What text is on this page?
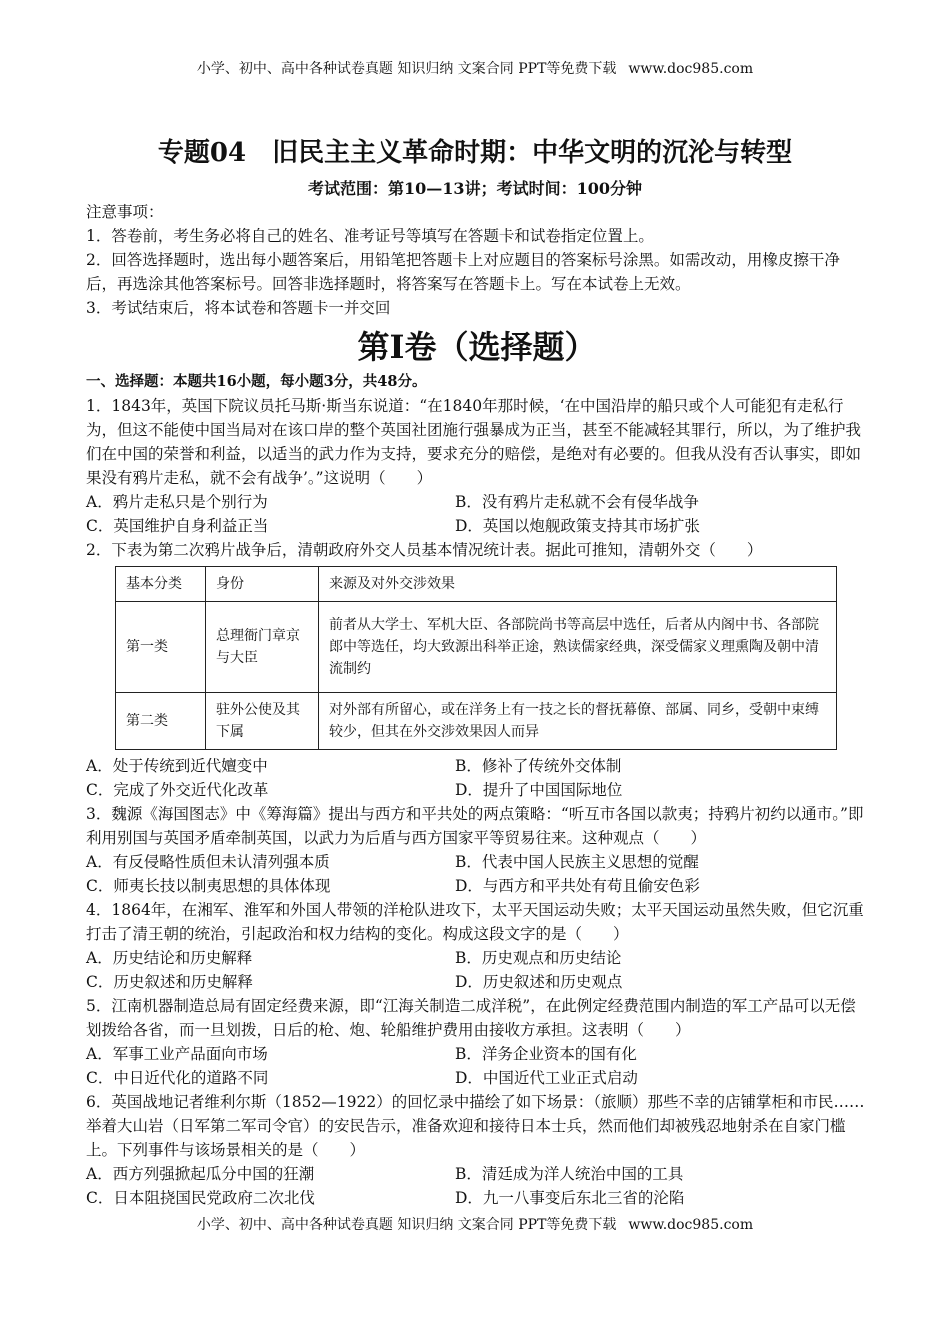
小学、初中、高中各种试卷真题 知识归纳 文案合同 PPT等免费下载 www.doc985.com
专题04　旧民主主义革命时期：中华文明的沉沦与转型
考试范围：第10—13讲；考试时间：100分钟
注意事项：
1．答卷前，考生务必将自己的姓名、准考证号等填写在答题卡和试卷指定位置上。
2．回答选择题时，选出每小题答案后，用铅笔把答题卡上对应题目的答案标号涂黑。如需改动，用橡皮擦干净后，再选涂其他答案标号。回答非选择题时，将答案写在答题卡上。写在本试卷上无效。
3．考试结束后，将本试卷和答题卡一并交回
第I卷（选择题）
一、选择题：本题共16小题，每小题3分，共48分。
1．1843年，英国下院议员托马斯·斯当东说道：“在1840年那时候，‘在中国沿岸的船只或个人可能犯有走私行为，但这不能使中国当局对在该口岸的整个英国社团施行强暴成为正当，甚至不能减轻其罪行，所以，为了维护我们在中国的荣誉和利益，以适当的武力作为支持，要求充分的赔偿，是绝对有必要的。但我从没有否认事实，即如果没有鸦片走私，就不会有战争’。”这说明（　　）
A．鸦片走私只是个别行为	B．没有鸦片走私就不会有侵华战争
C．英国维护自身利益正当	D．英国以炮舰政策支持其市场扩张
2．下表为第二次鸦片战争后，清朝政府外交人员基本情况统计表。据此可推知，清朝外交（　　）
基本分类	身份	来源及对外交涉效果
第一类	总理衙门章京与大臣	前者从大学士、军机大臣、各部院尚书等高层中选任，后者从内阁中书、各部院郎中等选任，均大致源出科举正途，熟读儒家经典，深受儒家义理熏陶及朝中清流制约
第二类	驻外公使及其下属	对外部有所留心，或在洋务上有一技之长的督抚幕僚、部属、同乡，受朝中束缚较少，但其在外交涉效果因人而异
A．处于传统到近代嬗变中	B．修补了传统外交体制
C．完成了外交近代化改革	D．提升了中国国际地位
3．魏源《海国图志》中《筹海篇》提出与西方和平共处的两点策略：“听互市各国以款夷；持鸦片初约以通市。”即利用别国与英国矛盾牵制英国，以武力为后盾与西方国家平等贸易往来。这种观点（　　）
A．有反侵略性质但未认清列强本质	B．代表中国人民族主义思想的觉醒
C．师夷长技以制夷思想的具体体现	D．与西方和平共处有苟且偷安色彩
4．1864年，在湘军、淮军和外国人带领的洋枪队进攻下，太平天国运动失败；太平天国运动虽然失败，但它沉重打击了清王朝的统治，引起政治和权力结构的变化。构成这段文字的是（　　）
A．历史结论和历史解释	B．历史观点和历史结论
C．历史叙述和历史解释	D．历史叙述和历史观点
5．江南机器制造总局有固定经费来源，即“江海关制造二成洋税”，在此例定经费范围内制造的军工产品可以无偿划拨给各省，而一旦划拨，日后的枪、炮、轮船维护费用由接收方承担。这表明（　　）
A．军事工业产品面向市场	B．洋务企业资本的国有化
C．中日近代化的道路不同	D．中国近代工业正式启动
6．英国战地记者维利尔斯（1852—1922）的回忆录中描绘了如下场景：（旅顺）那些不幸的店铺掌柜和市民……举着大山岩（日军第二军司令官）的安民告示，准备欢迎和接待日本士兵，然而他们却被残忍地射杀在自家门槛上。下列事件与该场景相关的是（　　）
A．西方列强掀起瓜分中国的狂潮	B．清廷成为洋人统治中国的工具
C．日本阻挠国民党政府二次北伐	D．九一八事变后东北三省的沦陷
小学、初中、高中各种试卷真题 知识归纳 文案合同 PPT等免费下载 www.doc985.com
